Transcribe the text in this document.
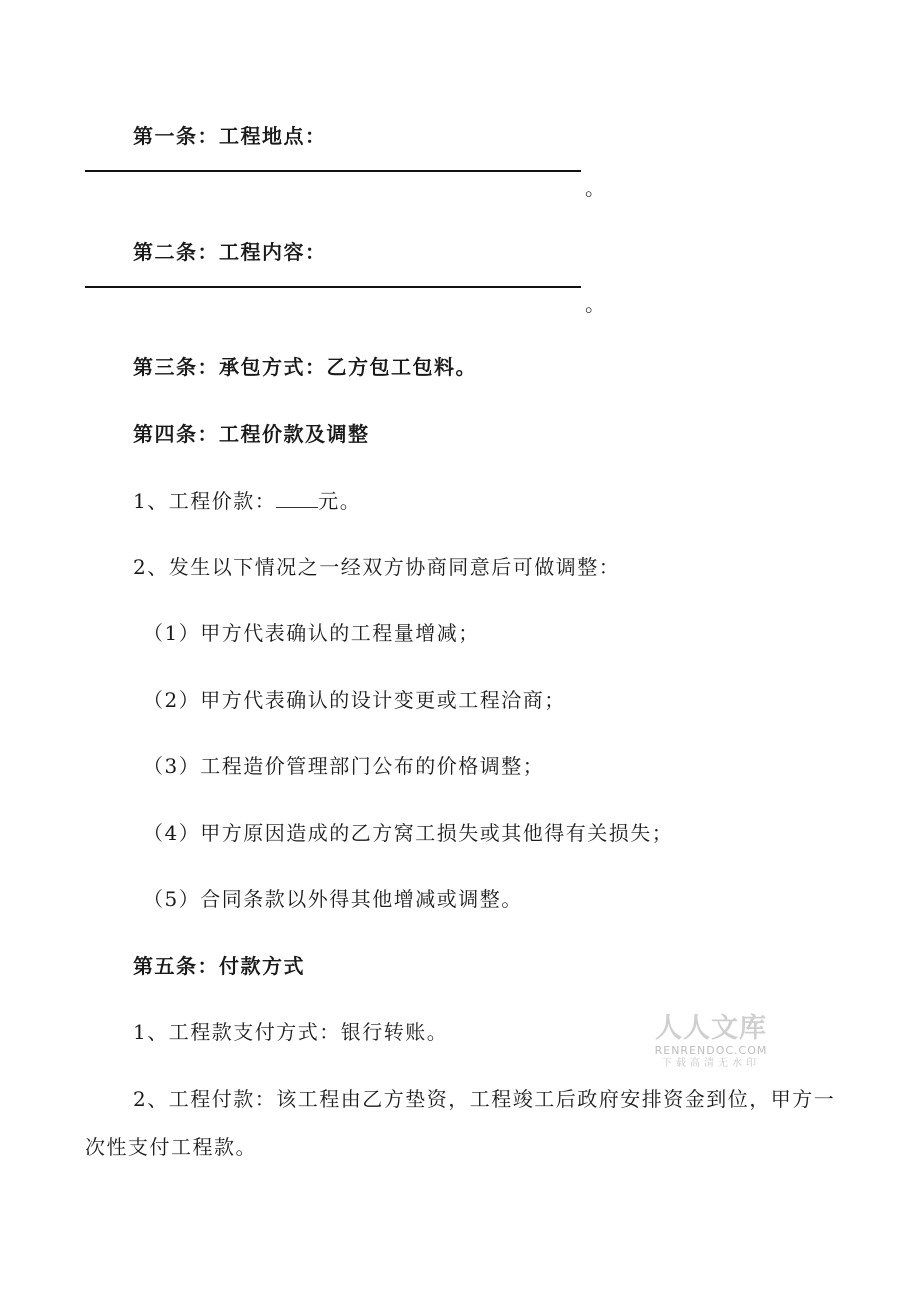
第一条：工程地点：
。
第二条：工程内容：
。
第三条：承包方式：乙方包工包料。
第四条：工程价款及调整
1、工程价款： 元。
2、发生以下情况之一经双方协商同意后可做调整：
（1）甲方代表确认的工程量增减；
（2）甲方代表确认的设计变更或工程洽商；
（3）工程造价管理部门公布的价格调整；
（4）甲方原因造成的乙方窝工损失或其他得有关损失；
（5）合同条款以外得其他增减或调整。
第五条：付款方式
1、工程款支付方式：银行转账。
2、工程付款：该工程由乙方垫资，工程竣工后政府安排资金到位，甲方一
次性支付工程款。
人人文库
RENRENDOC.COM
下载高清无水印
